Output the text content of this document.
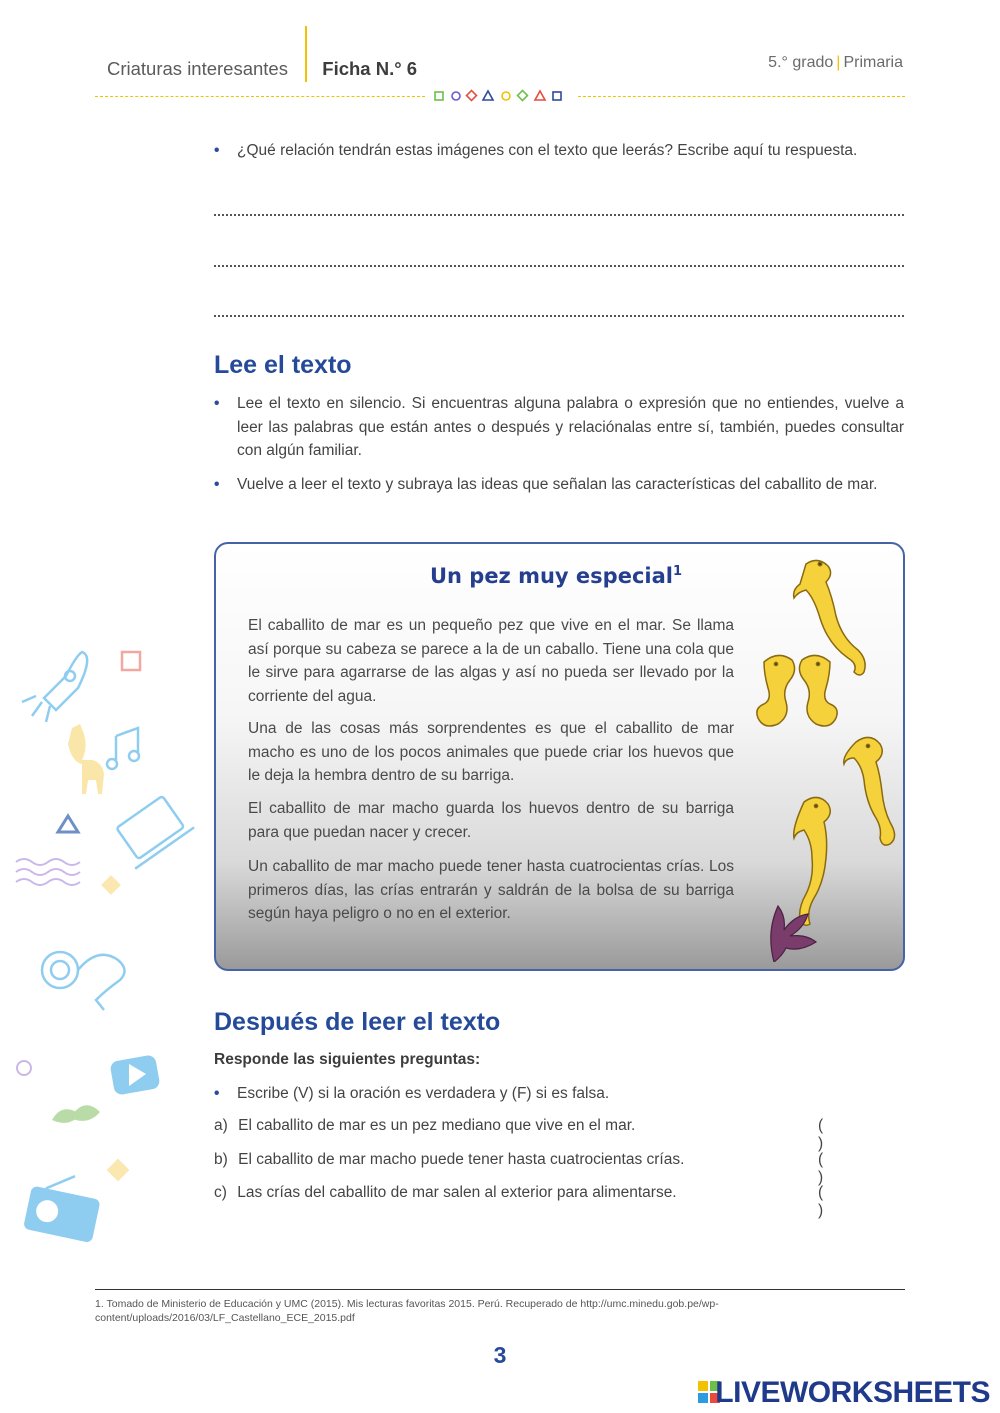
Criaturas interesantes Ficha N.° 6	5.° grado | Primaria
• ¿Qué relación tendrán estas imágenes con el texto que leerás? Escribe aquí tu respuesta.
Lee el texto
• Lee el texto en silencio. Si encuentras alguna palabra o expresión que no entiendes, vuelve a leer las palabras que están antes o después y relaciónalas entre sí, también, puedes consultar con algún familiar.
• Vuelve a leer el texto y subraya las ideas que señalan las características del caballito de mar.
Un pez muy especial$^1$
El caballito de mar es un pequeño pez que vive en el mar. Se llama así porque su cabeza se parece a la de un caballo. Tiene una cola que le sirve para agarrarse de las algas y así no pueda ser llevado por la corriente del agua.
Una de las cosas más sorprendentes es que el caballito de mar macho es uno de los pocos animales que puede criar los huevos que le deja la hembra dentro de su barriga.
El caballito de mar macho guarda los huevos dentro de su barriga para que puedan nacer y crecer.
Un caballito de mar macho puede tener hasta cuatrocientas crías. Los primeros días, las crías entrarán y saldrán de la bolsa de su barriga según haya peligro o no en el exterior.
Después de leer el texto
Responde las siguientes preguntas:
• Escribe (V) si la oración es verdadera y (F) si es falsa.
a) El caballito de mar es un pez mediano que vive en el mar.	( )
b) El caballito de mar macho puede tener hasta cuatrocientas crías.	( )
c) Las crías del caballito de mar salen al exterior para alimentarse.	( )
1. Tomado de Ministerio de Educación y UMC (2015). Mis lecturas favoritas 2015. Perú. Recuperado de http://umc.minedu.gob.pe/wp-content/uploads/2016/03/LF_Castellano_ECE_2015.pdf
3
LIVEWORKSHEETS
